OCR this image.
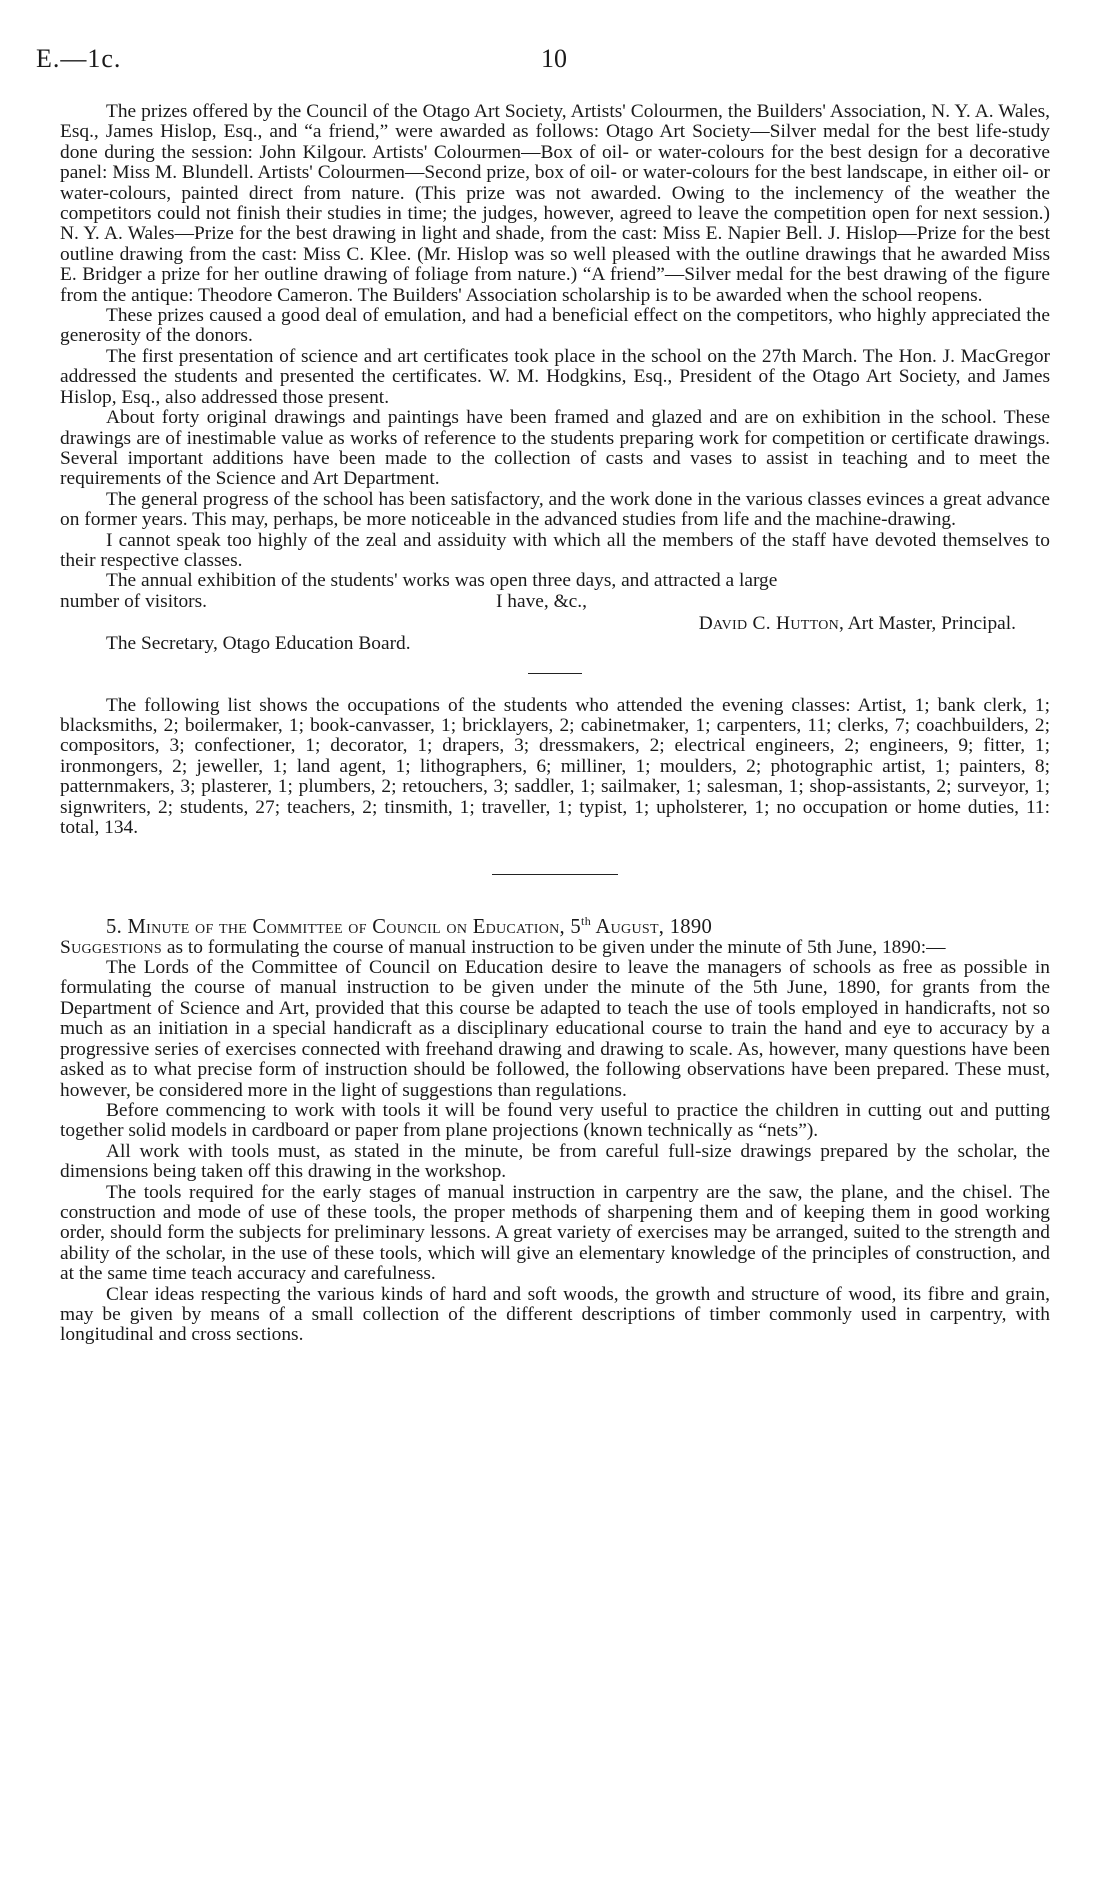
E.—1c.	10

The prizes offered by the Council of the Otago Art Society, Artists' Colourmen, the Builders' Association, N. Y. A. Wales, Esq., James Hislop, Esq., and “a friend,” were awarded as follows: Otago Art Society—Silver medal for the best life-study done during the session: John Kilgour. Artists' Colourmen—Box of oil- or water-colours for the best design for a decorative panel: Miss M. Blundell. Artists' Colourmen—Second prize, box of oil- or water-colours for the best landscape, in either oil- or water-colours, painted direct from nature. (This prize was not awarded. Owing to the inclemency of the weather the competitors could not finish their studies in time; the judges, however, agreed to leave the competition open for next session.) N. Y. A. Wales—Prize for the best drawing in light and shade, from the cast: Miss E. Napier Bell. J. Hislop—Prize for the best outline drawing from the cast: Miss C. Klee. (Mr. Hislop was so well pleased with the outline drawings that he awarded Miss E. Bridger a prize for her outline drawing of foliage from nature.) “A friend”—Silver medal for the best drawing of the figure from the antique: Theodore Cameron. The Builders' Association scholarship is to be awarded when the school reopens.

These prizes caused a good deal of emulation, and had a beneficial effect on the competitors, who highly appreciated the generosity of the donors.

The first presentation of science and art certificates took place in the school on the 27th March. The Hon. J. MacGregor addressed the students and presented the certificates. W. M. Hodgkins, Esq., President of the Otago Art Society, and James Hislop, Esq., also addressed those present.

About forty original drawings and paintings have been framed and glazed and are on exhibition in the school. These drawings are of inestimable value as works of reference to the students preparing work for competition or certificate drawings. Several important additions have been made to the collection of casts and vases to assist in teaching and to meet the requirements of the Science and Art Department.

The general progress of the school has been satisfactory, and the work done in the various classes evinces a great advance on former years. This may, perhaps, be more noticeable in the advanced studies from life and the machine-drawing.

I cannot speak too highly of the zeal and assiduity with which all the members of the staff have devoted themselves to their respective classes.

The annual exhibition of the students' works was open three days, and attracted a large

number of visitors.	I have, &c.,
David C. Hutton, Art Master, Principal.

The Secretary, Otago Education Board.

The following list shows the occupations of the students who attended the evening classes: Artist, 1; bank clerk, 1; blacksmiths, 2; boilermaker, 1; book-canvasser, 1; bricklayers, 2; cabinetmaker, 1; carpenters, 11; clerks, 7; coachbuilders, 2; compositors, 3; confectioner, 1; decorator, 1; drapers, 3; dressmakers, 2; electrical engineers, 2; engineers, 9; fitter, 1; ironmongers, 2; jeweller, 1; land agent, 1; lithographers, 6; milliner, 1; moulders, 2; photographic artist, 1; painters, 8; patternmakers, 3; plasterer, 1; plumbers, 2; retouchers, 3; saddler, 1; sailmaker, 1; salesman, 1; shop-assistants, 2; surveyor, 1; signwriters, 2; students, 27; teachers, 2; tinsmith, 1; traveller, 1; typist, 1; upholsterer, 1; no occupation or home duties, 11: total, 134.

5. Minute of the Committee of Council on Education, 5th August, 1890

Suggestions as to formulating the course of manual instruction to be given under the minute of 5th June, 1890:—

The Lords of the Committee of Council on Education desire to leave the managers of schools as free as possible in formulating the course of manual instruction to be given under the minute of the 5th June, 1890, for grants from the Department of Science and Art, provided that this course be adapted to teach the use of tools employed in handicrafts, not so much as an initiation in a special handicraft as a disciplinary educational course to train the hand and eye to accuracy by a progressive series of exercises connected with freehand drawing and drawing to scale. As, however, many questions have been asked as to what precise form of instruction should be followed, the following observations have been prepared. These must, however, be considered more in the light of suggestions than regulations.

Before commencing to work with tools it will be found very useful to practice the children in cutting out and putting together solid models in cardboard or paper from plane projections (known technically as “nets”).

All work with tools must, as stated in the minute, be from careful full-size drawings prepared by the scholar, the dimensions being taken off this drawing in the workshop.

The tools required for the early stages of manual instruction in carpentry are the saw, the plane, and the chisel. The construction and mode of use of these tools, the proper methods of sharpening them and of keeping them in good working order, should form the subjects for preliminary lessons. A great variety of exercises may be arranged, suited to the strength and ability of the scholar, in the use of these tools, which will give an elementary knowledge of the principles of construction, and at the same time teach accuracy and carefulness.

Clear ideas respecting the various kinds of hard and soft woods, the growth and structure of wood, its fibre and grain, may be given by means of a small collection of the different descriptions of timber commonly used in carpentry, with longitudinal and cross sections.
